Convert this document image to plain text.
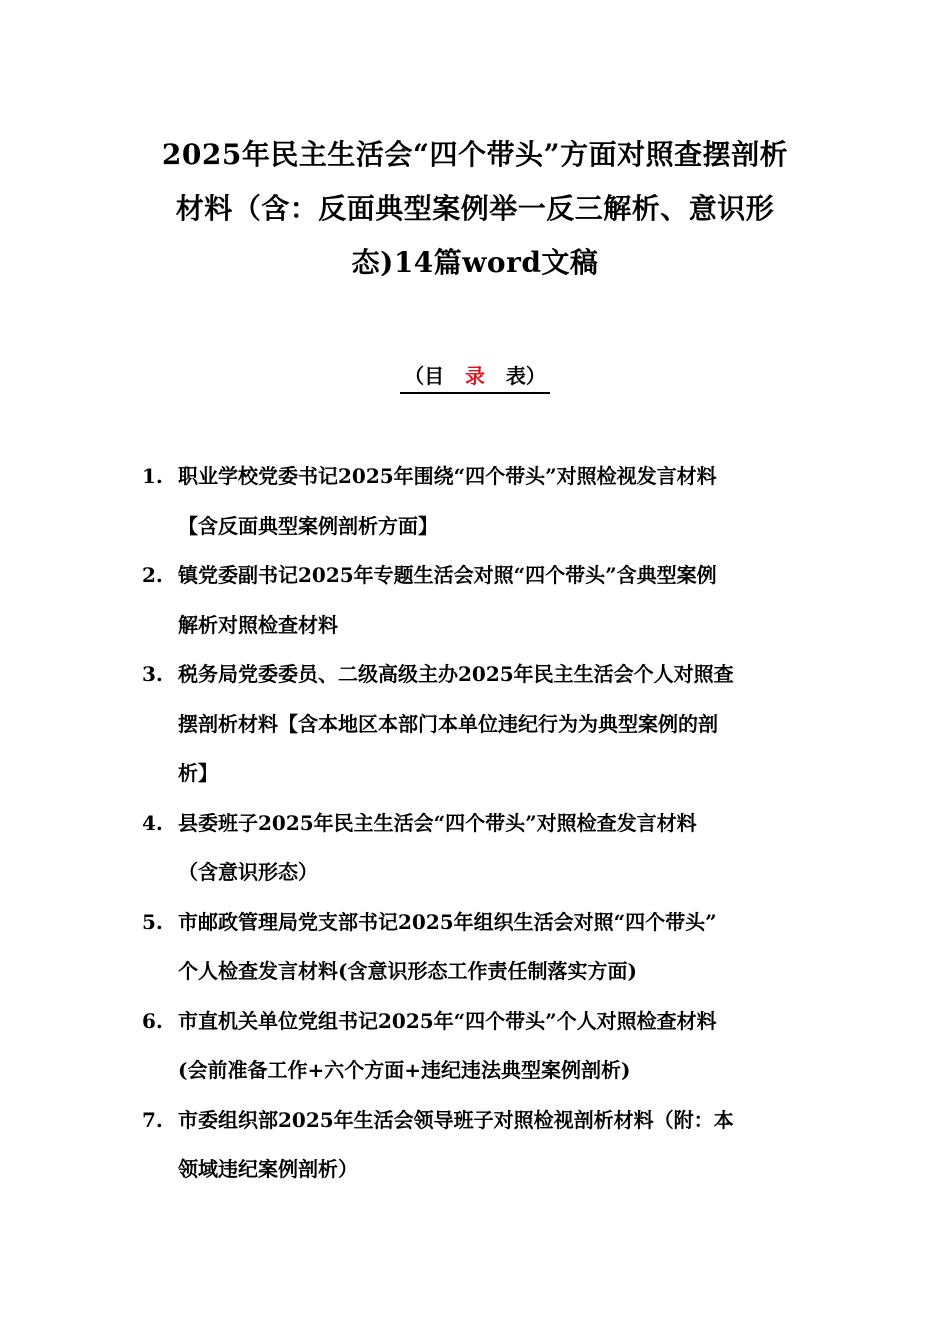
2025年民主生活会“四个带头”方面对照查摆剖析
材料（含：反面典型案例举一反三解析、意识形
态)14篇word文稿
（目   录   表）
1. 职业学校党委书记2025年围绕“四个带头”对照检视发言材料
【含反面典型案例剖析方面】
2. 镇党委副书记2025年专题生活会对照“四个带头”含典型案例
解析对照检查材料
3. 税务局党委委员、二级高级主办2025年民主生活会个人对照查
摆剖析材料【含本地区本部门本单位违纪行为为典型案例的剖
析】
4. 县委班子2025年民主生活会“四个带头”对照检查发言材料
（含意识形态）
5. 市邮政管理局党支部书记2025年组织生活会对照“四个带头”
个人检查发言材料(含意识形态工作责任制落实方面)
6. 市直机关单位党组书记2025年“四个带头”个人对照检查材料
(会前准备工作+六个方面+违纪违法典型案例剖析)
7. 市委组织部2025年生活会领导班子对照检视剖析材料（附：本
领域违纪案例剖析）
